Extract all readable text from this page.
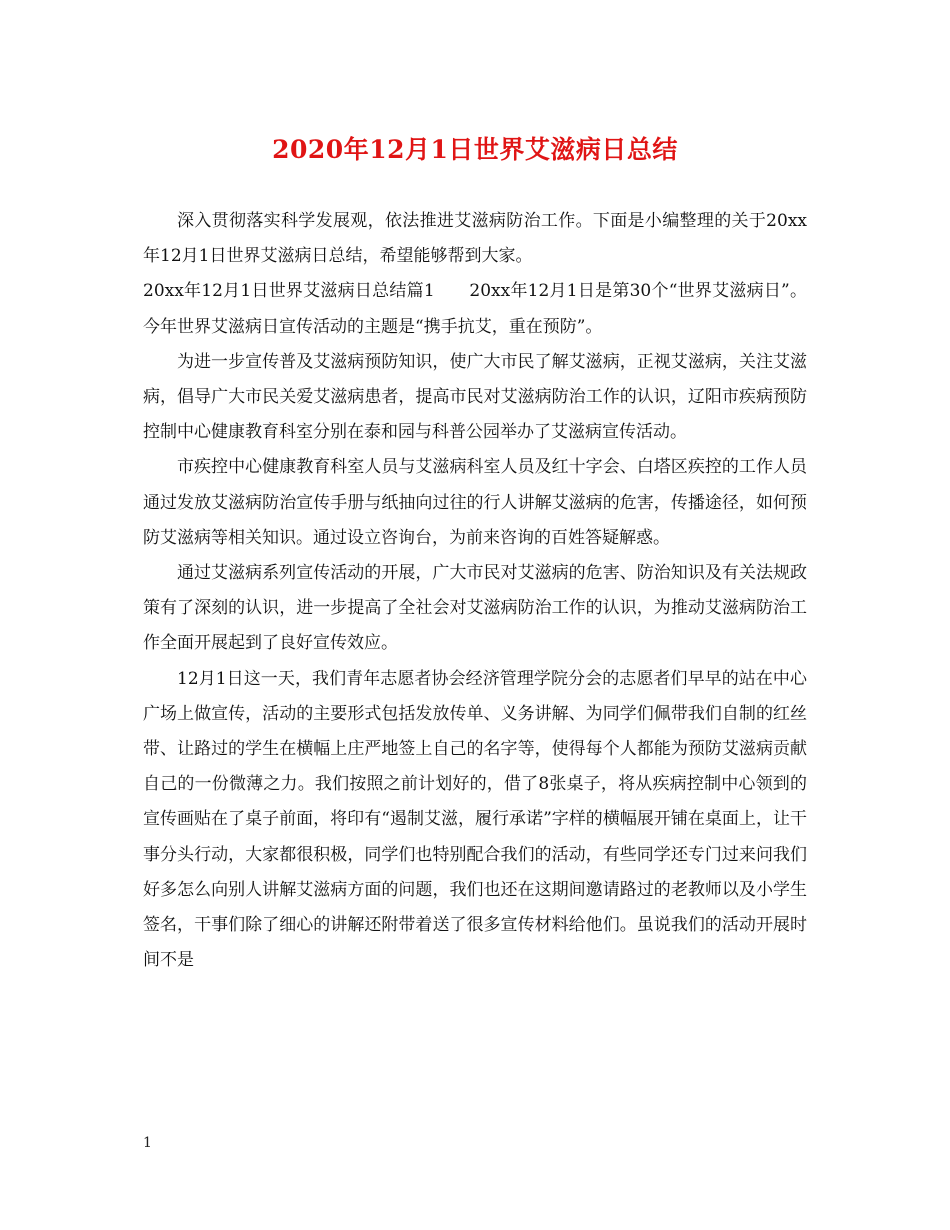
2020年12月1日世界艾滋病日总结

深入贯彻落实科学发展观，依法推进艾滋病防治工作。下面是小编整理的关于20xx年12月1日世界艾滋病日总结，希望能够帮到大家。

20xx年12月1日世界艾滋病日总结篇1　　20xx年12月1日是第30个“世界艾滋病日”。今年世界艾滋病日宣传活动的主题是“携手抗艾，重在预防”。

为进一步宣传普及艾滋病预防知识，使广大市民了解艾滋病，正视艾滋病，关注艾滋病，倡导广大市民关爱艾滋病患者，提高市民对艾滋病防治工作的认识，辽阳市疾病预防控制中心健康教育科室分别在泰和园与科普公园举办了艾滋病宣传活动。

市疾控中心健康教育科室人员与艾滋病科室人员及红十字会、白塔区疾控的工作人员通过发放艾滋病防治宣传手册与纸抽向过往的行人讲解艾滋病的危害，传播途径，如何预防艾滋病等相关知识。通过设立咨询台，为前来咨询的百姓答疑解惑。

通过艾滋病系列宣传活动的开展，广大市民对艾滋病的危害、防治知识及有关法规政策有了深刻的认识，进一步提高了全社会对艾滋病防治工作的认识，为推动艾滋病防治工作全面开展起到了良好宣传效应。

12月1日这一天，我们青年志愿者协会经济管理学院分会的志愿者们早早的站在中心广场上做宣传，活动的主要形式包括发放传单、义务讲解、为同学们佩带我们自制的红丝带、让路过的学生在横幅上庄严地签上自己的名字等，使得每个人都能为预防艾滋病贡献自己的一份微薄之力。我们按照之前计划好的，借了8张桌子，将从疾病控制中心领到的宣传画贴在了桌子前面，将印有“遏制艾滋，履行承诺”字样的横幅展开铺在桌面上，让干事分头行动，大家都很积极，同学们也特别配合我们的活动，有些同学还专门过来问我们好多怎么向别人讲解艾滋病方面的问题，我们也还在这期间邀请路过的老教师以及小学生签名，干事们除了细心的讲解还附带着送了很多宣传材料给他们。虽说我们的活动开展时间不是

1
